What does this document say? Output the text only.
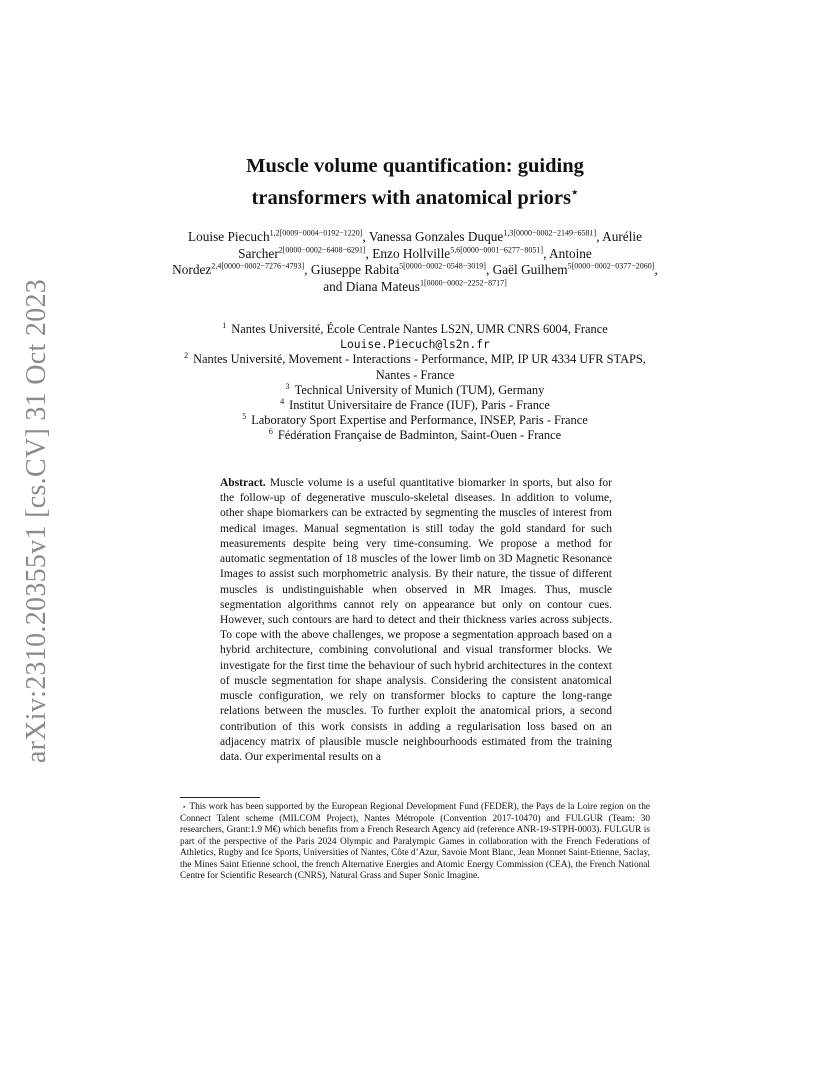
arXiv:2310.20355v1 [cs.CV] 31 Oct 2023
Muscle volume quantification: guiding
transformers with anatomical priors⋆
Louise Piecuch$^{1,2[0009-0004-0192-1220]}$, Vanessa Gonzales Duque$^{1,3[0000-0002-2149-6581]}$, Aurélie Sarcher$^{2[0000-0002-6408-6291]}$, Enzo Hollville$^{5,6[0000-0001-6277-8051]}$, Antoine Nordez$^{2,4[0000-0002-7276-4793]}$, Giuseppe Rabita$^{5[0000-0002-0548-3019]}$, Gaël Guilhem$^{5[0000-0002-0377-2060]}$, and Diana Mateus$^{1[0000-0002-2252-8717]}$
$^1$ Nantes Université, École Centrale Nantes LS2N, UMR CNRS 6004, France
Louise.Piecuch@ls2n.fr
$^2$ Nantes Université, Movement - Interactions - Performance, MIP, IP UR 4334 UFR STAPS, Nantes - France
$^3$ Technical University of Munich (TUM), Germany
$^4$ Institut Universitaire de France (IUF), Paris - France
$^5$ Laboratory Sport Expertise and Performance, INSEP, Paris - France
$^6$ Fédération Française de Badminton, Saint-Ouen - France
Abstract. Muscle volume is a useful quantitative biomarker in sports, but also for the follow-up of degenerative musculo-skeletal diseases. In addition to volume, other shape biomarkers can be extracted by segmenting the muscles of interest from medical images. Manual segmentation is still today the gold standard for such measurements despite being very time-consuming. We propose a method for automatic segmentation of 18 muscles of the lower limb on 3D Magnetic Resonance Images to assist such morphometric analysis. By their nature, the tissue of different muscles is undistinguishable when observed in MR Images. Thus, muscle segmentation algorithms cannot rely on appearance but only on contour cues. However, such contours are hard to detect and their thickness varies across subjects. To cope with the above challenges, we propose a segmentation approach based on a hybrid architecture, combining convolutional and visual transformer blocks. We investigate for the first time the behaviour of such hybrid architectures in the context of muscle segmentation for shape analysis. Considering the consistent anatomical muscle configuration, we rely on transformer blocks to capture the long-range relations between the muscles. To further exploit the anatomical priors, a second contribution of this work consists in adding a regularisation loss based on an adjacency matrix of plausible muscle neighbourhoods estimated from the training data. Our experimental results on a
⋆ This work has been supported by the European Regional Development Fund (FEDER), the Pays de la Loire region on the Connect Talent scheme (MILCOM Project), Nantes Métropole (Convention 2017-10470) and FULGUR (Team: 30 researchers, Grant:1.9 M€) which benefits from a French Research Agency aid (reference ANR-19-STPH-0003). FULGUR is part of the perspective of the Paris 2024 Olympic and Paralympic Games in collaboration with the French Federations of Athletics, Rugby and Ice Sports, Universities of Nantes, Côte d’Azur, Savoie Mont Blanc, Jean Monnet Saint-Etienne, Saclay, the Mines Saint Etienne school, the french Alternative Energies and Atomic Energy Commission (CEA), the French National Centre for Scientific Research (CNRS), Natural Grass and Super Sonic Imagine.
